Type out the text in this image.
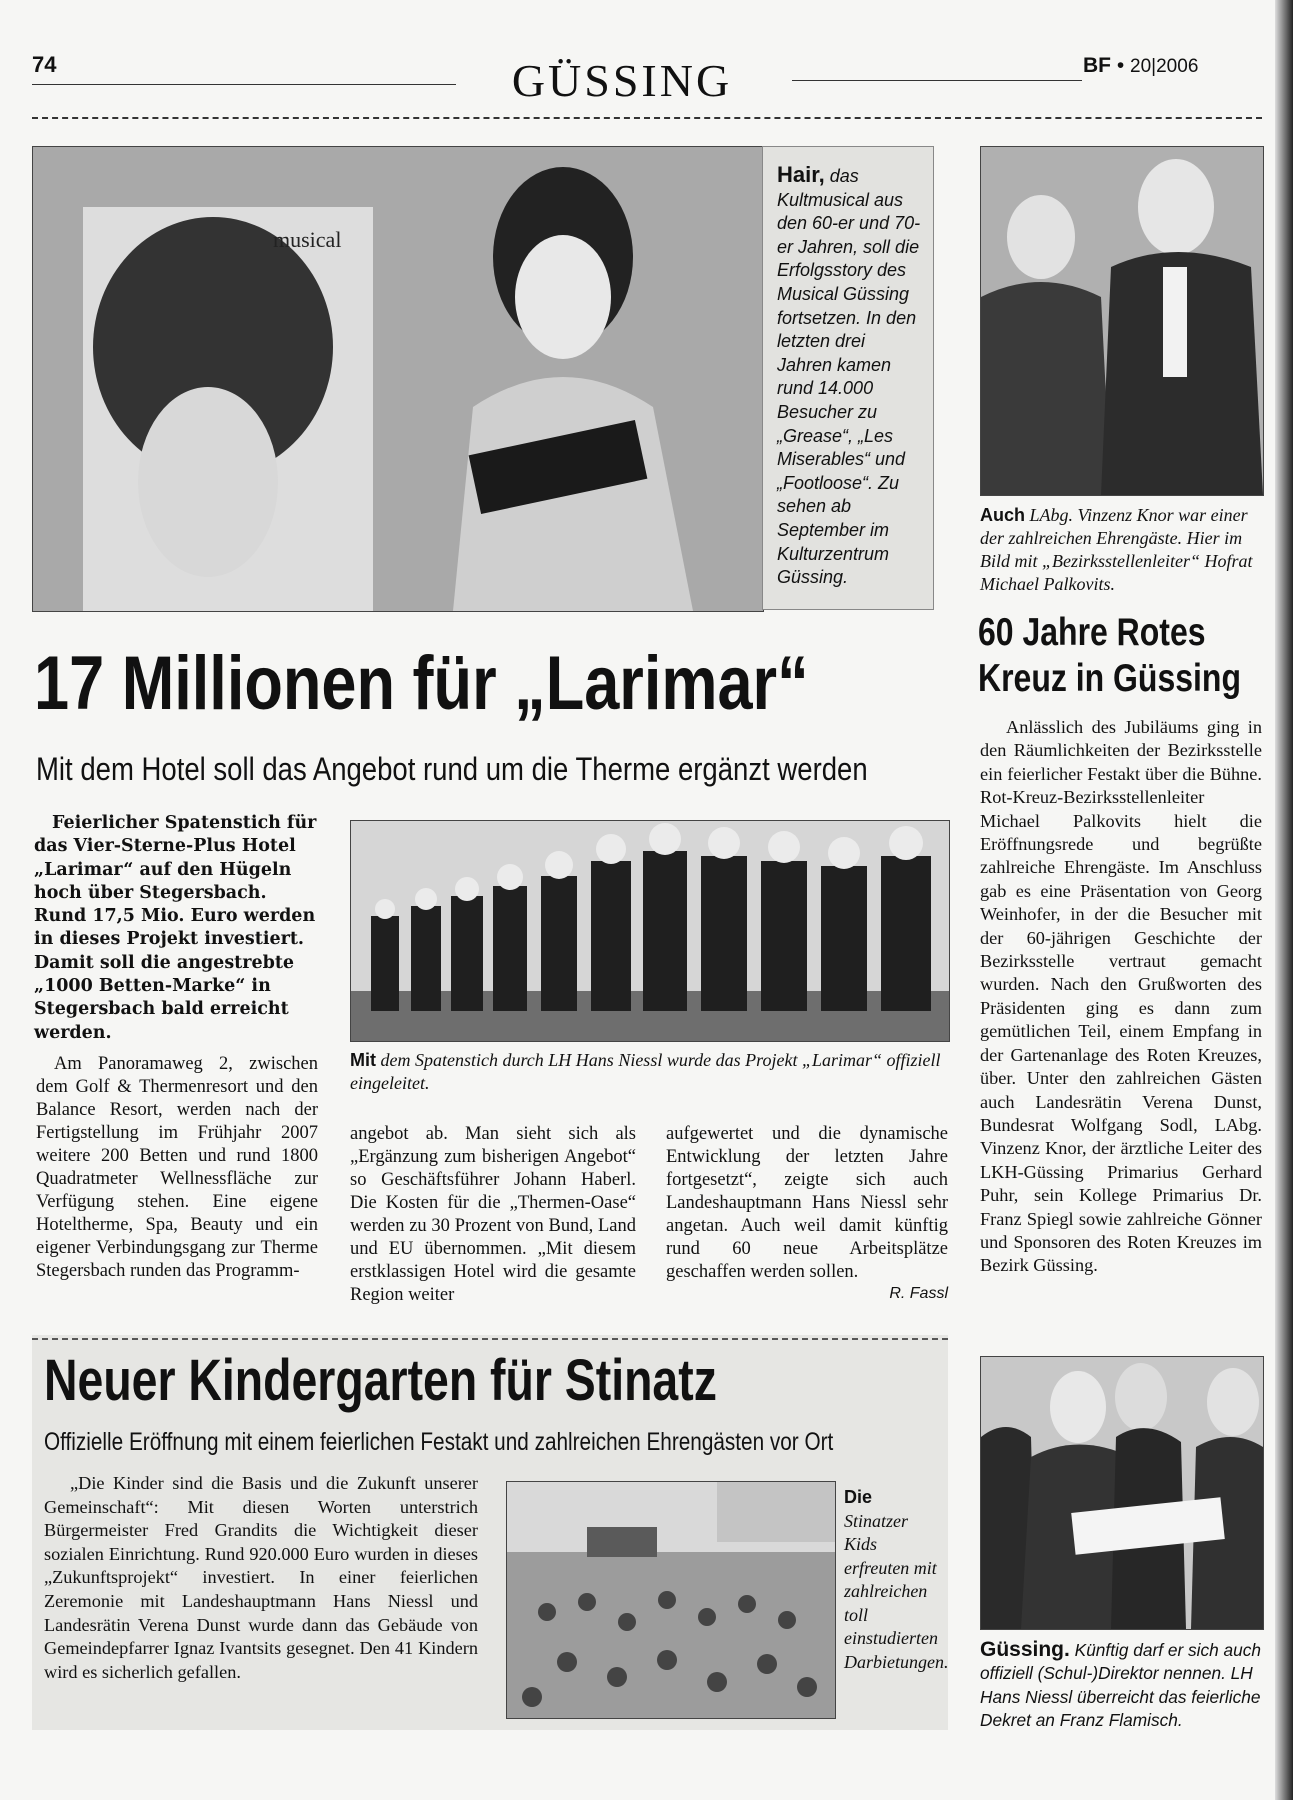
74	GÜSSING	BF • 20|2006
musical
Hair, das Kultmusical aus den 60-er und 70-er Jahren, soll die Erfolgsstory des Musical Güssing fortsetzen. In den letzten drei Jahren kamen rund 14.000 Besucher zu „Grease“, „Les Miserables“ und „Footloose“. Zu sehen ab September im Kulturzentrum Güssing.
Auch LAbg. Vinzenz Knor war einer der zahlreichen Ehrengäste. Hier im Bild mit „Bezirksstellenleiter“ Hofrat Michael Palkovits.
60 Jahre Rotes Kreuz in Güssing
Anlässlich des Jubiläums ging in den Räumlichkeiten der Bezirksstelle ein feierlicher Festakt über die Bühne. Rot-Kreuz-Bezirksstellenleiter Michael Palkovits hielt die Eröffnungsrede und begrüßte zahlreiche Ehrengäste. Im Anschluss gab es eine Präsentation von Georg Weinhofer, in der die Besucher mit der 60-jährigen Geschichte der Bezirksstelle vertraut gemacht wurden. Nach den Grußworten des Präsidenten ging es dann zum gemütlichen Teil, einem Empfang in der Gartenanlage des Roten Kreuzes, über. Unter den zahlreichen Gästen auch Landesrätin Verena Dunst, Bundesrat Wolfgang Sodl, LAbg. Vinzenz Knor, der ärztliche Leiter des LKH-Güssing Primarius Gerhard Puhr, sein Kollege Primarius Dr. Franz Spiegl sowie zahlreiche Gönner und Sponsoren des Roten Kreuzes im Bezirk Güssing.
17 Millionen für „Larimar“
Mit dem Hotel soll das Angebot rund um die Therme ergänzt werden
Feierlicher Spatenstich für das Vier-Sterne-Plus Hotel „Larimar“ auf den Hügeln hoch über Stegersbach. Rund 17,5 Mio. Euro werden in dieses Projekt investiert. Damit soll die angestrebte „1000 Betten-Marke“ in Stegersbach bald erreicht werden.
Mit dem Spatenstich durch LH Hans Niessl wurde das Projekt „Larimar“ offiziell eingeleitet.
Am Panoramaweg 2, zwischen dem Golf & Thermenresort und den Balance Resort, werden nach der Fertigstellung im Frühjahr 2007 weitere 200 Betten und rund 1800 Quadratmeter Wellnessfläche zur Verfügung stehen. Eine eigene Hoteltherme, Spa, Beauty und ein eigener Verbindungsgang zur Therme Stegersbach runden das Programm-
angebot ab. Man sieht sich als „Ergänzung zum bisherigen Angebot“ so Geschäftsführer Johann Haberl. Die Kosten für die „Thermen-Oase“ werden zu 30 Prozent von Bund, Land und EU übernommen. „Mit diesem erstklassigen Hotel wird die gesamte Region weiter
aufgewertet und die dynamische Entwicklung der letzten Jahre fortgesetzt“, zeigte sich auch Landeshauptmann Hans Niessl sehr angetan. Auch weil damit künftig rund 60 neue Arbeitsplätze geschaffen werden sollen.
R. Fassl
Neuer Kindergarten für Stinatz
Offizielle Eröffnung mit einem feierlichen Festakt und zahlreichen Ehrengästen vor Ort
„Die Kinder sind die Basis und die Zukunft unserer Gemeinschaft“: Mit diesen Worten unterstrich Bürgermeister Fred Grandits die Wichtigkeit dieser sozialen Einrichtung. Rund 920.000 Euro wurden in dieses „Zukunftsprojekt“ investiert. In einer feierlichen Zeremonie mit Landeshauptmann Hans Niessl und Landesrätin Verena Dunst wurde dann das Gebäude von Gemeindepfarrer Ignaz Ivantsits gesegnet. Den 41 Kindern wird es sicherlich gefallen.
Die Stinatzer Kids erfreuten mit zahlreichen toll einstudierten Darbietungen.
Güssing. Künftig darf er sich auch offiziell (Schul-)Direktor nennen. LH Hans Niessl überreicht das feierliche Dekret an Franz Flamisch.
